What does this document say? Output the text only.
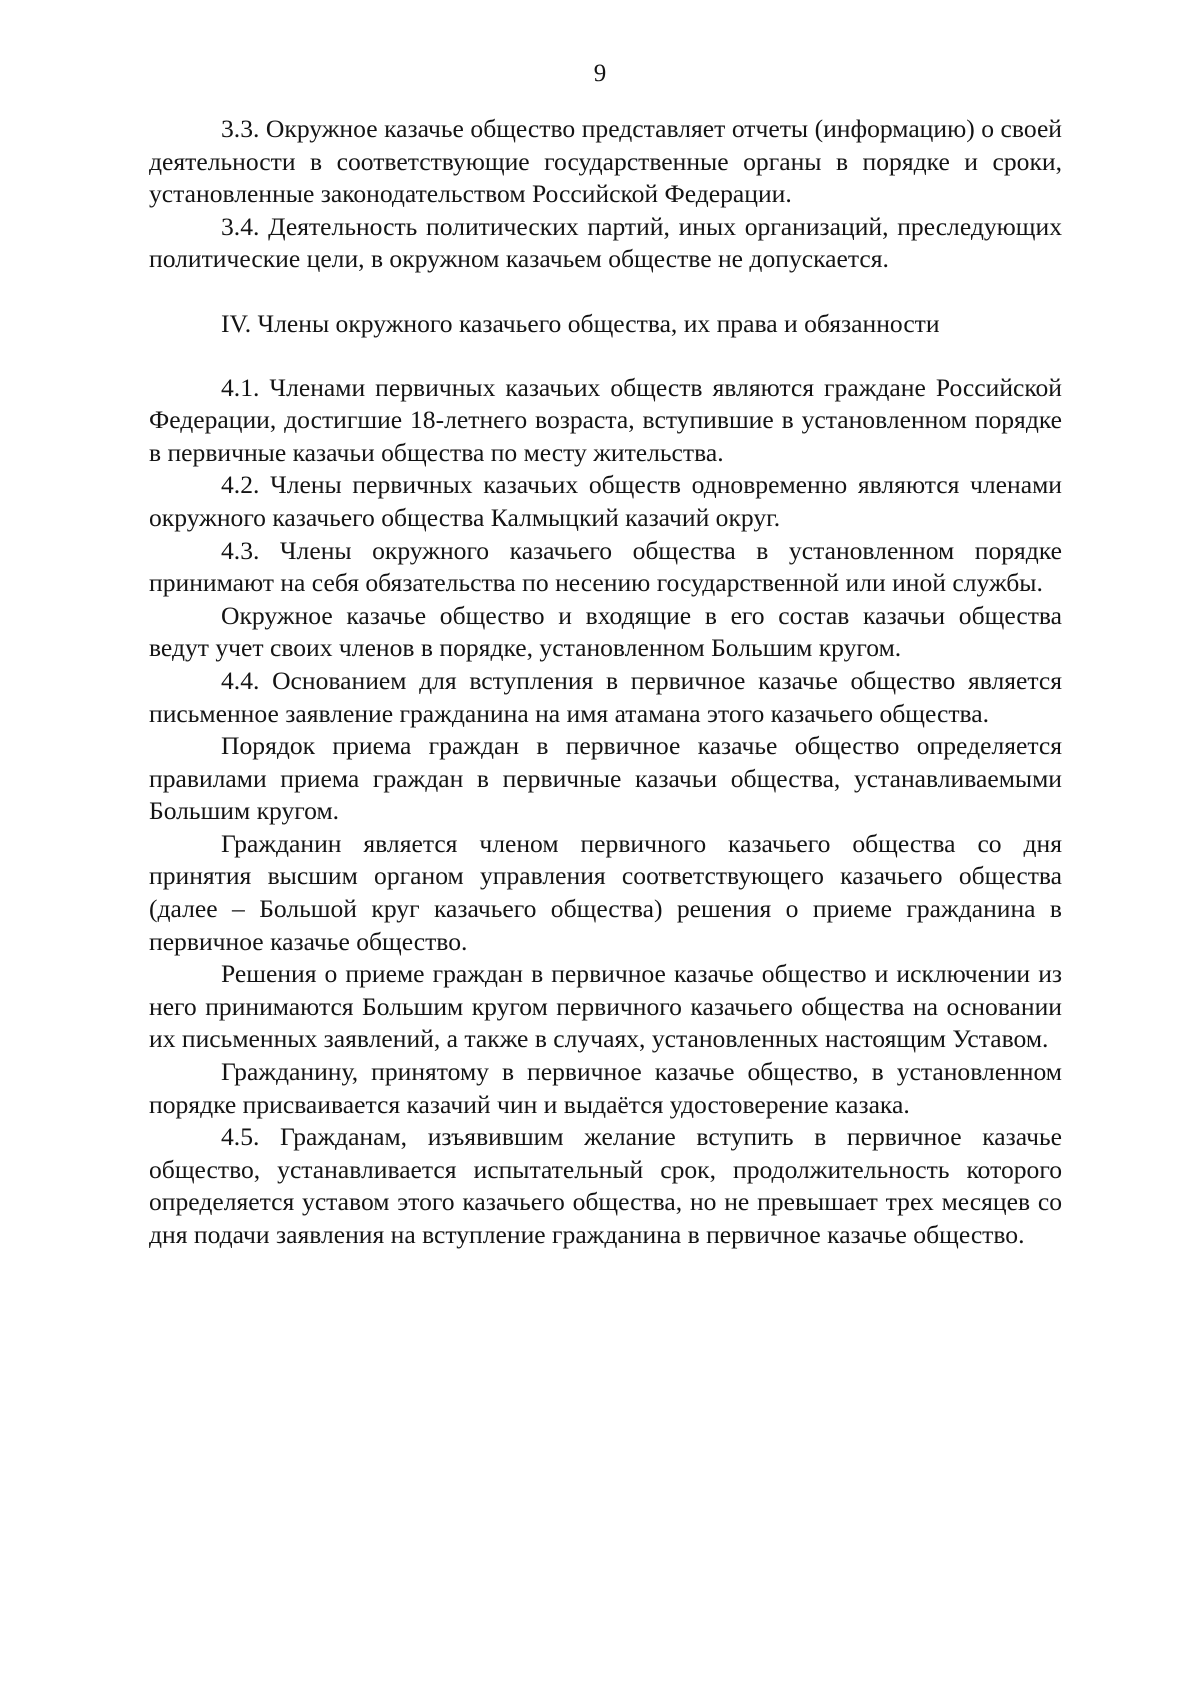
9

3.3. Окружное казачье общество представляет отчеты (информацию) о своей деятельности в соответствующие государственные органы в порядке и сроки, установленные законодательством Российской Федерации.

3.4. Деятельность политических партий, иных организаций, преследующих политические цели, в окружном казачьем обществе не допускается.

IV. Члены окружного казачьего общества, их права и обязанности

4.1. Членами первичных казачьих обществ являются граждане Российской Федерации, достигшие 18-летнего возраста, вступившие в установленном порядке в первичные казачьи общества по месту жительства.

4.2. Члены первичных казачьих обществ одновременно являются членами окружного казачьего общества Калмыцкий казачий округ.

4.3. Члены окружного казачьего общества в установленном порядке принимают на себя обязательства по несению государственной или иной службы.

Окружное казачье общество и входящие в его состав казачьи общества ведут учет своих членов в порядке, установленном Большим кругом.

4.4. Основанием для вступления в первичное казачье общество является письменное заявление гражданина на имя атамана этого казачьего общества.

Порядок приема граждан в первичное казачье общество определяется правилами приема граждан в первичные казачьи общества, устанавливаемыми Большим кругом.

Гражданин является членом первичного казачьего общества со дня принятия высшим органом управления соответствующего казачьего общества (далее – Большой круг казачьего общества) решения о приеме гражданина в первичное казачье общество.

Решения о приеме граждан в первичное казачье общество и исключении из него принимаются Большим кругом первичного казачьего общества на основании их письменных заявлений, а также в случаях, установленных настоящим Уставом.

Гражданину, принятому в первичное казачье общество, в установленном порядке присваивается казачий чин и выдаётся удостоверение казака.

4.5. Гражданам, изъявившим желание вступить в первичное казачье общество, устанавливается испытательный срок, продолжительность которого определяется уставом этого казачьего общества, но не превышает трех месяцев со дня подачи заявления на вступление гражданина в первичное казачье общество.
